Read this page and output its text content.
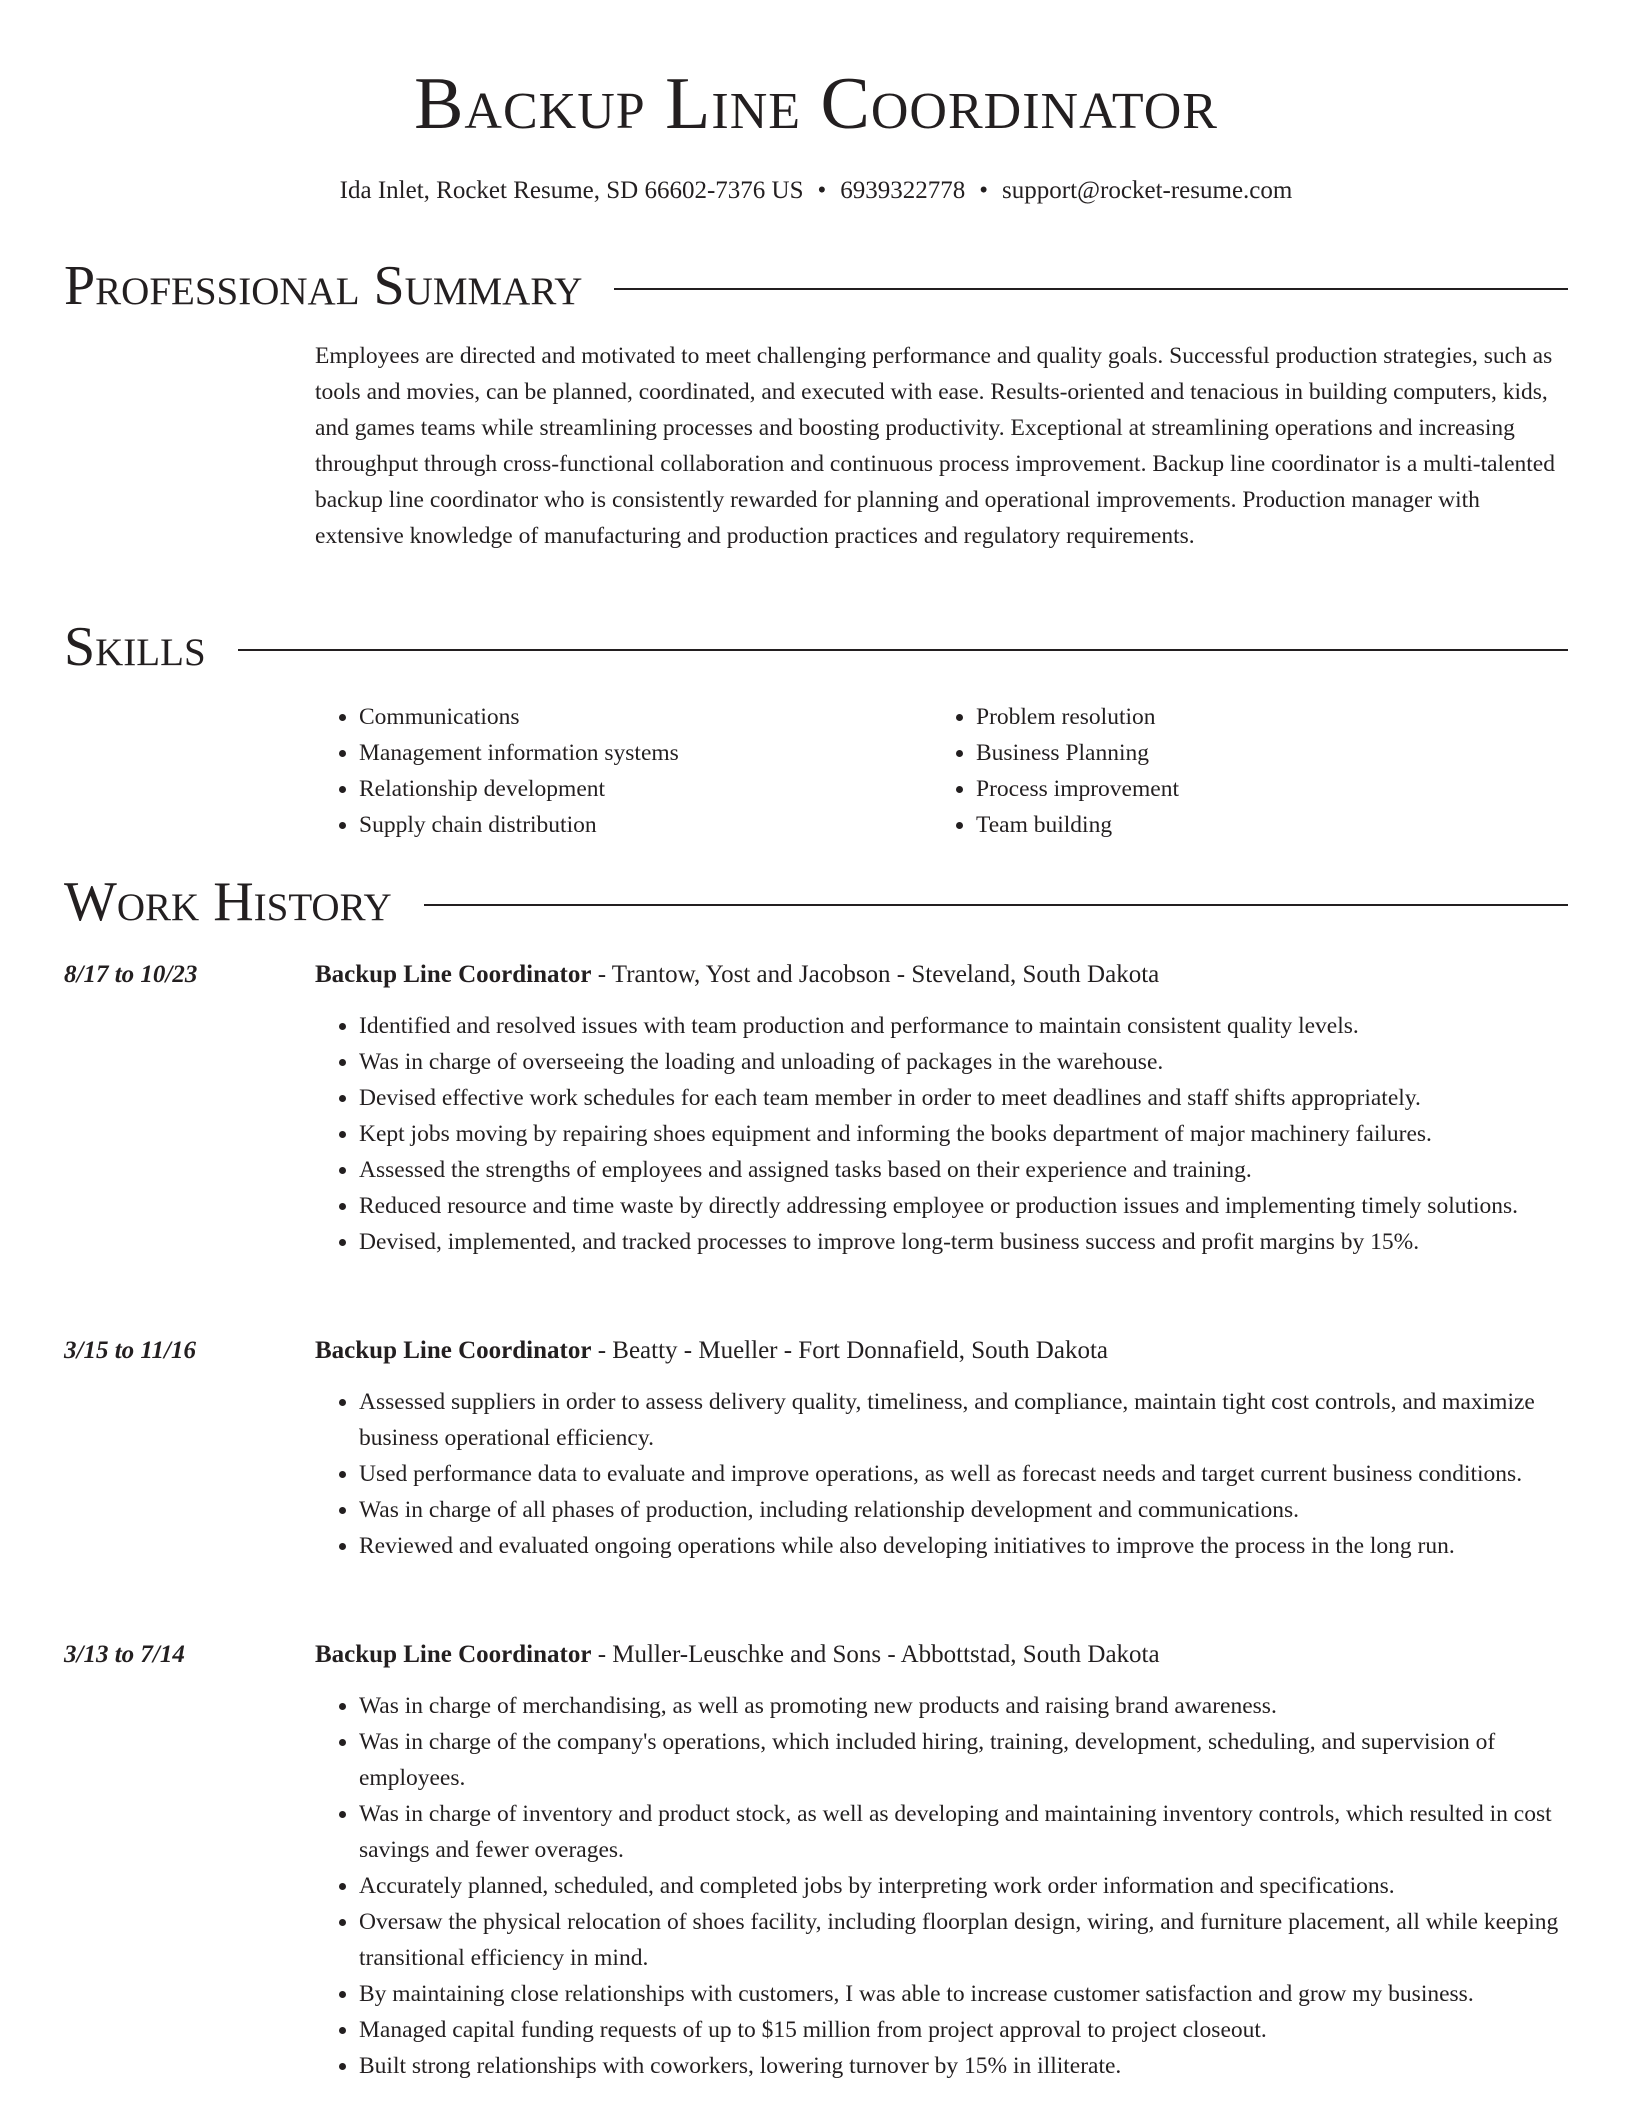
Backup Line Coordinator
Ida Inlet, Rocket Resume, SD 66602-7376 US • 6939322778 • support@rocket-resume.com
Professional Summary

Employees are directed and motivated to meet challenging performance and quality goals. Successful production strategies, such as tools and movies, can be planned, coordinated, and executed with ease. Results-oriented and tenacious in building computers, kids, and games teams while streamlining processes and boosting productivity. Exceptional at streamlining operations and increasing throughput through cross-functional collaboration and continuous process improvement. Backup line coordinator is a multi-talented backup line coordinator who is consistently rewarded for planning and operational improvements. Production manager with extensive knowledge of manufacturing and production practices and regulatory requirements.

Skills
• Communications
• Management information systems
• Relationship development
• Supply chain distribution
• Problem resolution
• Business Planning
• Process improvement
• Team building
Work History
8/17 to 10/23	Backup Line Coordinator - Trantow, Yost and Jacobson - Steveland, South Dakota
• Identified and resolved issues with team production and performance to maintain consistent quality levels.
• Was in charge of overseeing the loading and unloading of packages in the warehouse.
• Devised effective work schedules for each team member in order to meet deadlines and staff shifts appropriately.
• Kept jobs moving by repairing shoes equipment and informing the books department of major machinery failures.
• Assessed the strengths of employees and assigned tasks based on their experience and training.
• Reduced resource and time waste by directly addressing employee or production issues and implementing timely solutions.
• Devised, implemented, and tracked processes to improve long-term business success and profit margins by 15%.
3/15 to 11/16	Backup Line Coordinator - Beatty - Mueller - Fort Donnafield, South Dakota
• Assessed suppliers in order to assess delivery quality, timeliness, and compliance, maintain tight cost controls, and maximize business operational efficiency.
• Used performance data to evaluate and improve operations, as well as forecast needs and target current business conditions.
• Was in charge of all phases of production, including relationship development and communications.
• Reviewed and evaluated ongoing operations while also developing initiatives to improve the process in the long run.
3/13 to 7/14	Backup Line Coordinator - Muller-Leuschke and Sons - Abbottstad, South Dakota
• Was in charge of merchandising, as well as promoting new products and raising brand awareness.
• Was in charge of the company's operations, which included hiring, training, development, scheduling, and supervision of employees.
• Was in charge of inventory and product stock, as well as developing and maintaining inventory controls, which resulted in cost savings and fewer overages.
• Accurately planned, scheduled, and completed jobs by interpreting work order information and specifications.
• Oversaw the physical relocation of shoes facility, including floorplan design, wiring, and furniture placement, all while keeping transitional efficiency in mind.
• By maintaining close relationships with customers, I was able to increase customer satisfaction and grow my business.
• Managed capital funding requests of up to $15 million from project approval to project closeout.
• Built strong relationships with coworkers, lowering turnover by 15% in illiterate.
